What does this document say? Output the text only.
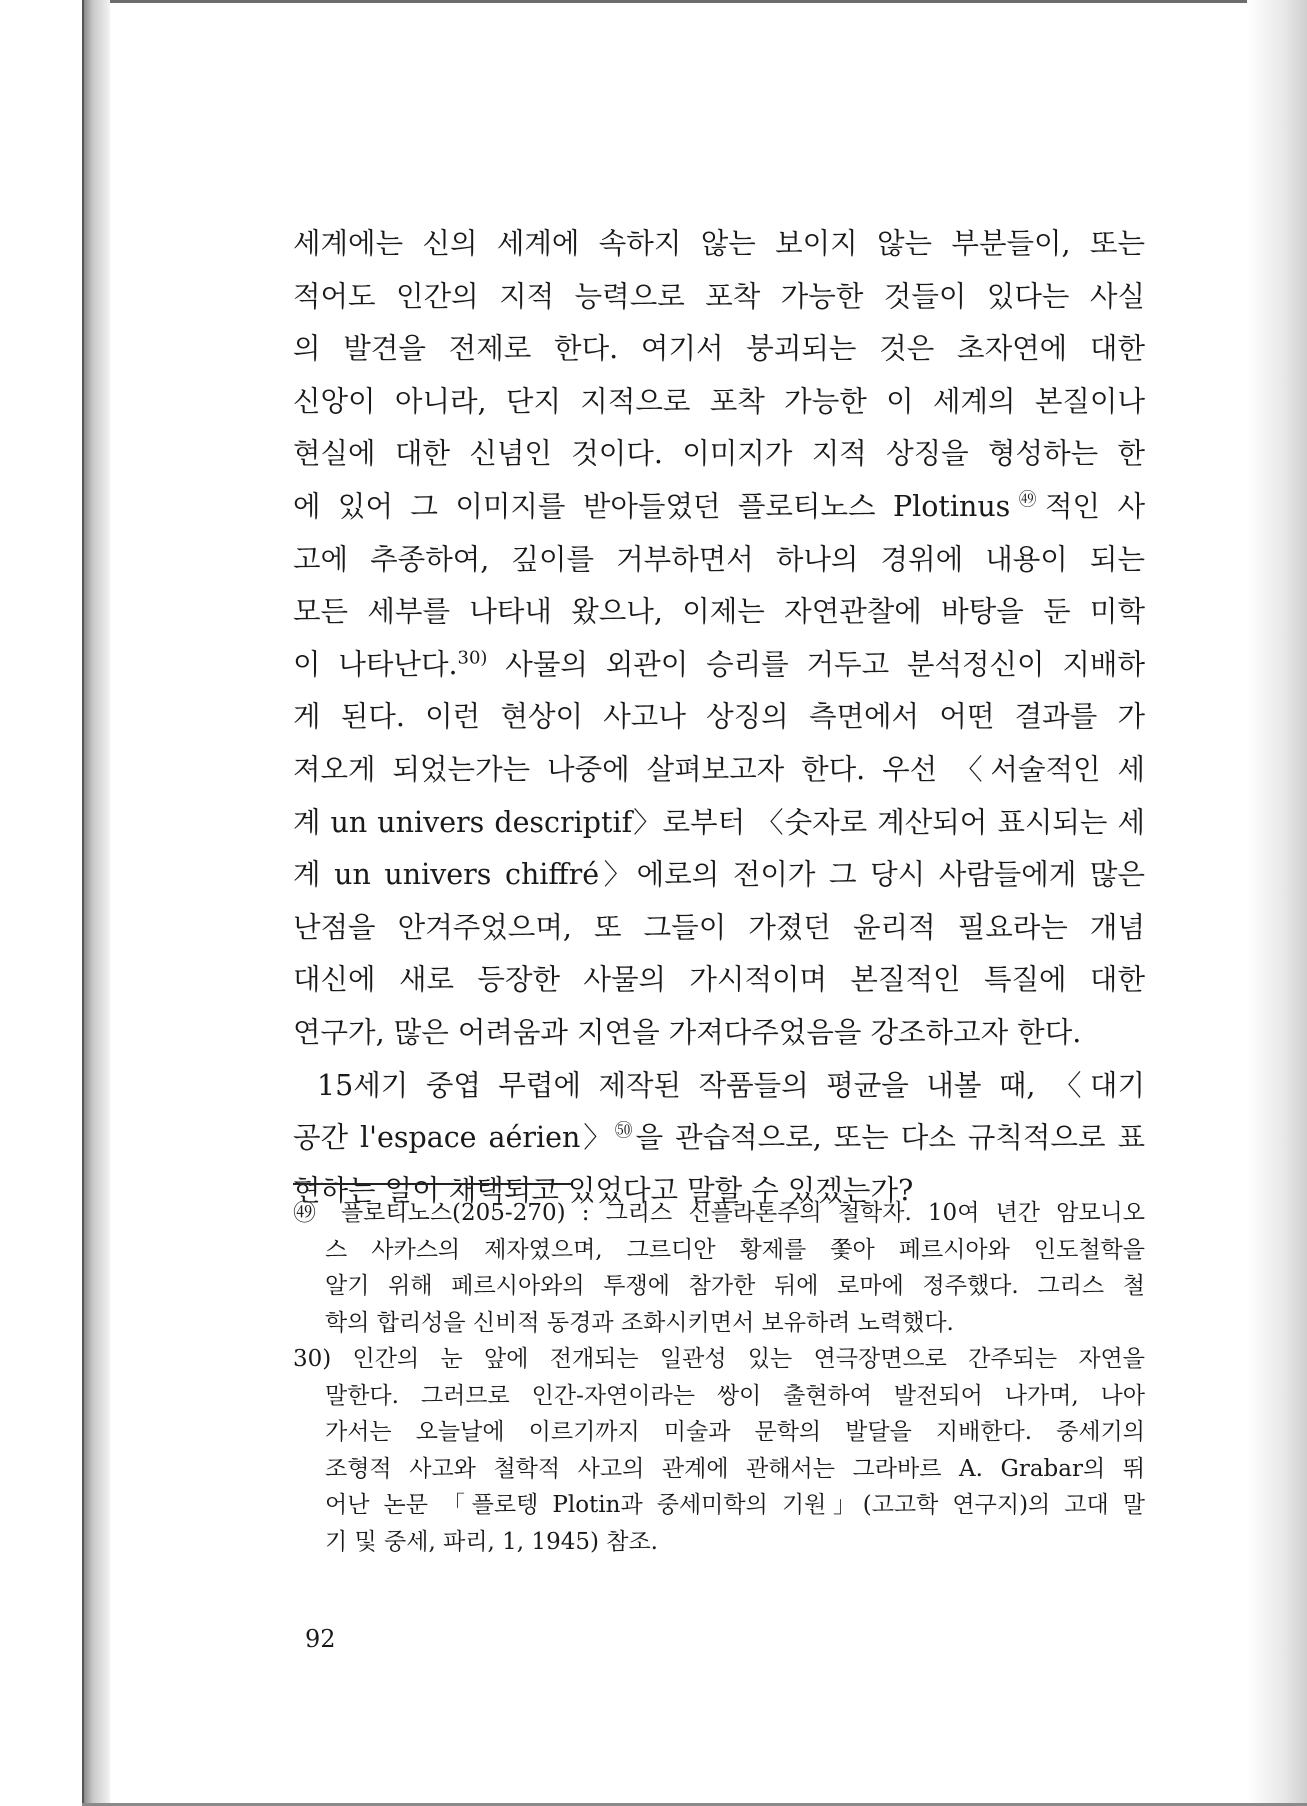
세계에는 신의 세계에 속하지 않는 보이지 않는 부분들이, 또는
적어도 인간의 지적 능력으로 포착 가능한 것들이 있다는 사실
의 발견을 전제로 한다. 여기서 붕괴되는 것은 초자연에 대한
신앙이 아니라, 단지 지적으로 포착 가능한 이 세계의 본질이나
현실에 대한 신념인 것이다. 이미지가 지적 상징을 형성하는 한
에 있어 그 이미지를 받아들였던 플로티노스 Plotinus$^㊾$적인 사
고에 추종하여, 깊이를 거부하면서 하나의 경위에 내용이 되는
모든 세부를 나타내 왔으나, 이제는 자연관찰에 바탕을 둔 미학
이 나타난다.$^{30)}$ 사물의 외관이 승리를 거두고 분석정신이 지배하
게 된다. 이런 현상이 사고나 상징의 측면에서 어떤 결과를 가
져오게 되었는가는 나중에 살펴보고자 한다. 우선 〈서술적인 세
계 un univers descriptif〉로부터 〈숫자로 계산되어 표시되는 세
계 un univers chiffré〉에로의 전이가 그 당시 사람들에게 많은
난점을 안겨주었으며, 또 그들이 가졌던 윤리적 필요라는 개념
대신에 새로 등장한 사물의 가시적이며 본질적인 특질에 대한
연구가, 많은 어려움과 지연을 가져다주었음을 강조하고자 한다.
15세기 중엽 무렵에 제작된 작품들의 평균을 내볼 때, 〈대기
공간 l'espace aérien〉$^㊿$을 관습적으로, 또는 다소 규칙적으로 표
현하는 일이 채택되고 있었다고 말할 수 있겠는가?
㊾ 플로티노스(205-270) : 그리스 신플라톤주의 철학자. 10여 년간 암모니오
스 사카스의 제자였으며, 그르디안 황제를 쫓아 페르시아와 인도철학을
알기 위해 페르시아와의 투쟁에 참가한 뒤에 로마에 정주했다. 그리스 철
학의 합리성을 신비적 동경과 조화시키면서 보유하려 노력했다.
30) 인간의 눈 앞에 전개되는 일관성 있는 연극장면으로 간주되는 자연을
말한다. 그러므로 인간-자연이라는 쌍이 출현하여 발전되어 나가며, 나아
가서는 오늘날에 이르기까지 미술과 문학의 발달을 지배한다. 중세기의
조형적 사고와 철학적 사고의 관계에 관해서는 그라바르 A. Grabar의 뛰
어난 논문 「플로텡 Plotin과 중세미학의 기원」(고고학 연구지)의 고대 말
기 및 중세, 파리, 1, 1945) 참조.
92
